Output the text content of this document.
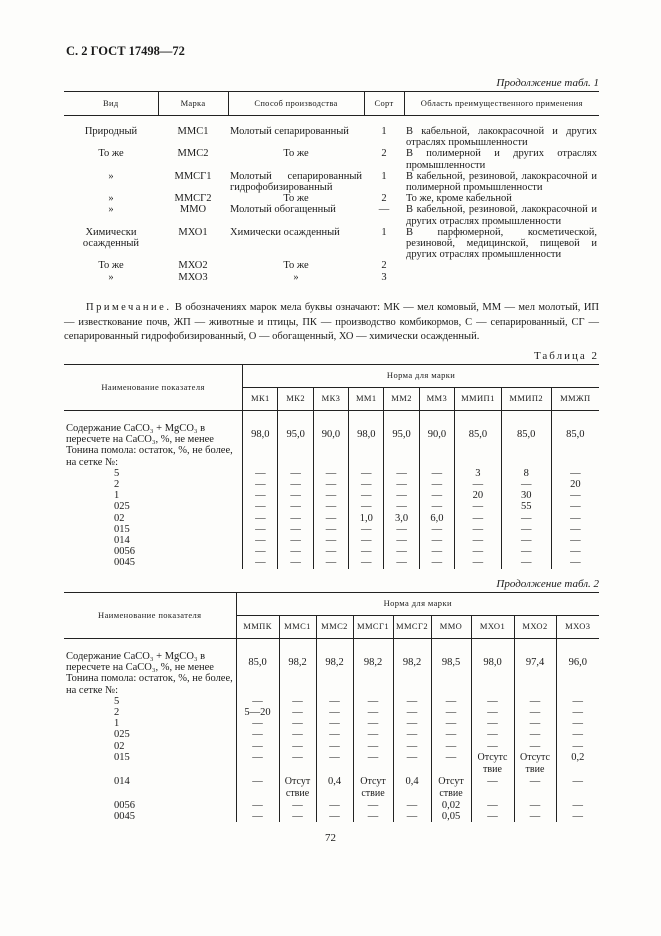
С. 2 ГОСТ 17498—72
Продолжение табл. 1
Вид	Марка	Способ производства	Сорт	Область преимущественного применения
Природный	ММС1	Молотый сепарированный	1	В кабельной, лакокрасочной и других отраслях промышленности
То же	ММС2	То же	2	В полимерной и других отраслях промышленности
»	ММСГ1	Молотый сепарированный гидрофобизированный	1	В кабельной, резиновой, лакокрасочной и полимерной промышленности
»	ММСГ2	То же	2	То же, кроме кабельной
»	ММО	Молотый обогащенный	—	В кабельной, резиновой, лакокрасочной и других отраслях промышленности
Химически осажденный	МХО1	Химически осажденный	1	В парфюмерной, косметической, резиновой, медицинской, пищевой и других отраслях промышленности
То же	МХО2	То же	2	
»	МХО3	»	3	
Примечание. В обозначениях марок мела буквы означают: МК — мел комовый, ММ — мел молотый, ИП — известкование почв, ЖП — животные и птицы, ПК — производство комбикормов, С — сепарированный, СГ — сепарированный гидрофобизированный, О — обогащенный, ХО — химически осажденный.
Таблица 2
Наименование показателя	Норма для марки								
	МК1	МК2	МК3	ММ1	ММ2	ММ3	ММИП1	ММИП2	ММЖП
Содержание CaCO₃ + MgCO₃ в пересчете на CaCO₃, %, не менее	98,0	95,0	90,0	98,0	95,0	90,0	85,0	85,0	85,0
Тонина помола: остаток, %, не более, на сетке №:									
5	—	—	—	—	—	—	3	8	—
2	—	—	—	—	—	—	—	—	20
1	—	—	—	—	—	—	20	30	—
025	—	—	—	—	—	—	—	55	—
02	—	—	—	1,0	3,0	6,0	—	—	—
015	—	—	—	—	—	—	—	—	—
014	—	—	—	—	—	—	—	—	—
0056	—	—	—	—	—	—	—	—	—
0045	—	—	—	—	—	—	—	—	—
Продолжение табл. 2
Наименование показателя	Норма для марки								
	ММПК	ММС1	ММС2	ММСГ1	ММСГ2	ММО	МХО1	МХО2	МХО3
Содержание CaCO₃ + MgCO₃ в пересчете на CaCO₃, %, не менее	85,0	98,2	98,2	98,2	98,2	98,5	98,0	97,4	96,0
Тонина помола: остаток, %, не более, на сетке №:									
5	—	—	—	—	—	—	—	—	—
2	5—20	—	—	—	—	—	—	—	—
1	—	—	—	—	—	—	—	—	—
025	—	—	—	—	—	—	—	—	—
02	—	—	—	—	—	—	—	—	—
015	—	—	—	—	—	—	Отсутствие	Отсутствие	0,2
014	—	Отсутствие	0,4	Отсутствие	0,4	Отсутствие	—	—	—
0056	—	—	—	—	—	0,02	—	—	—
0045	—	—	—	—	—	0,05	—	—	—
72
